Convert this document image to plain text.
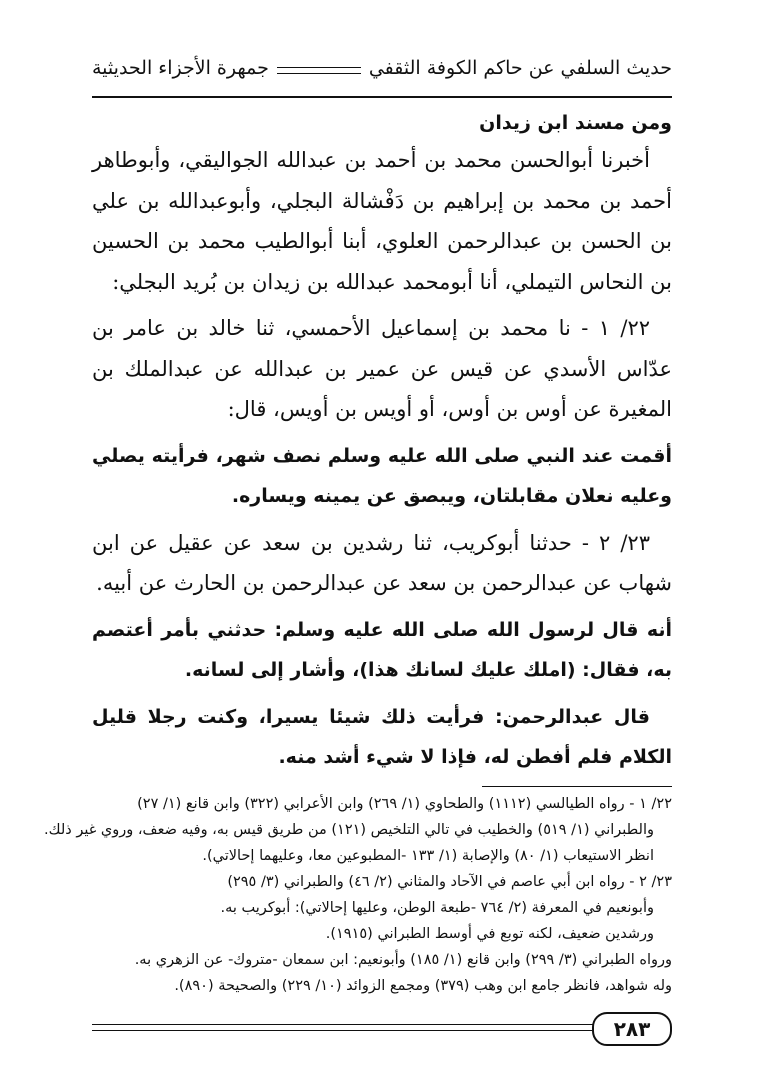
حديث السلفي عن حاكم الكوفة الثقفي
جمهرة الأجزاء الحديثية
ومن مسند ابن زيدان

أخبرنا أبوالحسن محمد بن أحمد بن عبدالله الجواليقي، وأبوطاهر أحمد بن محمد بن إبراهيم بن دَفْشالة البجلي، وأبوعبدالله بن علي بن الحسن بن عبدالرحمن العلوي، أبنا أبوالطيب محمد بن الحسين بن النحاس التيملي، أنا أبومحمد عبدالله بن زيدان بن بُريد البجلي:

٢٢/ ١ - نا محمد بن إسماعيل الأحمسي، ثنا خالد بن عامر بن عدّاس الأسدي عن قيس عن عمير بن عبدالله عن عبدالملك بن المغيرة عن أوس بن أوس، أو أويس بن أويس، قال:

أقمت عند النبي صلى الله عليه وسلم نصف شهر، فرأيته يصلي وعليه نعلان مقابلتان، ويبصق عن يمينه ويساره.

٢٣/ ٢ - حدثنا أبوكريب، ثنا رشدين بن سعد عن عقيل عن ابن شهاب عن عبدالرحمن بن سعد عن عبدالرحمن بن الحارث عن أبيه.

أنه قال لرسول الله صلى الله عليه وسلم: حدثني بأمر أعتصم به، فقال: (املك عليك لسانك هذا)، وأشار إلى لسانه.

قال عبدالرحمن: فرأيت ذلك شيئا يسيرا، وكنت رجلا قليل الكلام فلم أفطن له، فإذا لا شيء أشد منه.

٢٢/ ١ - رواه الطيالسي (١١١٢) والطحاوي (١/ ٢٦٩) وابن الأعرابي (٣٢٢) وابن قانع (١/ ٢٧)

والطبراني (١/ ٥١٩) والخطيب في تالي التلخيص (١٢١) من طريق قيس به، وفيه ضعف، وروي غير ذلك.

انظر الاستيعاب (١/ ٨٠) والإصابة (١/ ١٣٣ -المطبوعين معا، وعليهما إحالاتي).

٢٣/ ٢ - رواه ابن أبي عاصم في الآحاد والمثاني (٢/ ٤٦) والطبراني (٣/ ٢٩٥)

وأبونعيم في المعرفة (٢/ ٧٦٤ -طبعة الوطن، وعليها إحالاتي): أبوكريب به.

ورشدين ضعيف، لكنه توبع في أوسط الطبراني (١٩١٥).

ورواه الطبراني (٣/ ٢٩٩) وابن قانع (١/ ١٨٥) وأبونعيم: ابن سمعان -متروك- عن الزهري به.

وله شواهد، فانظر جامع ابن وهب (٣٧٩) ومجمع الزوائد (١٠/ ٢٢٩) والصحيحة (٨٩٠).

٢٨٣
